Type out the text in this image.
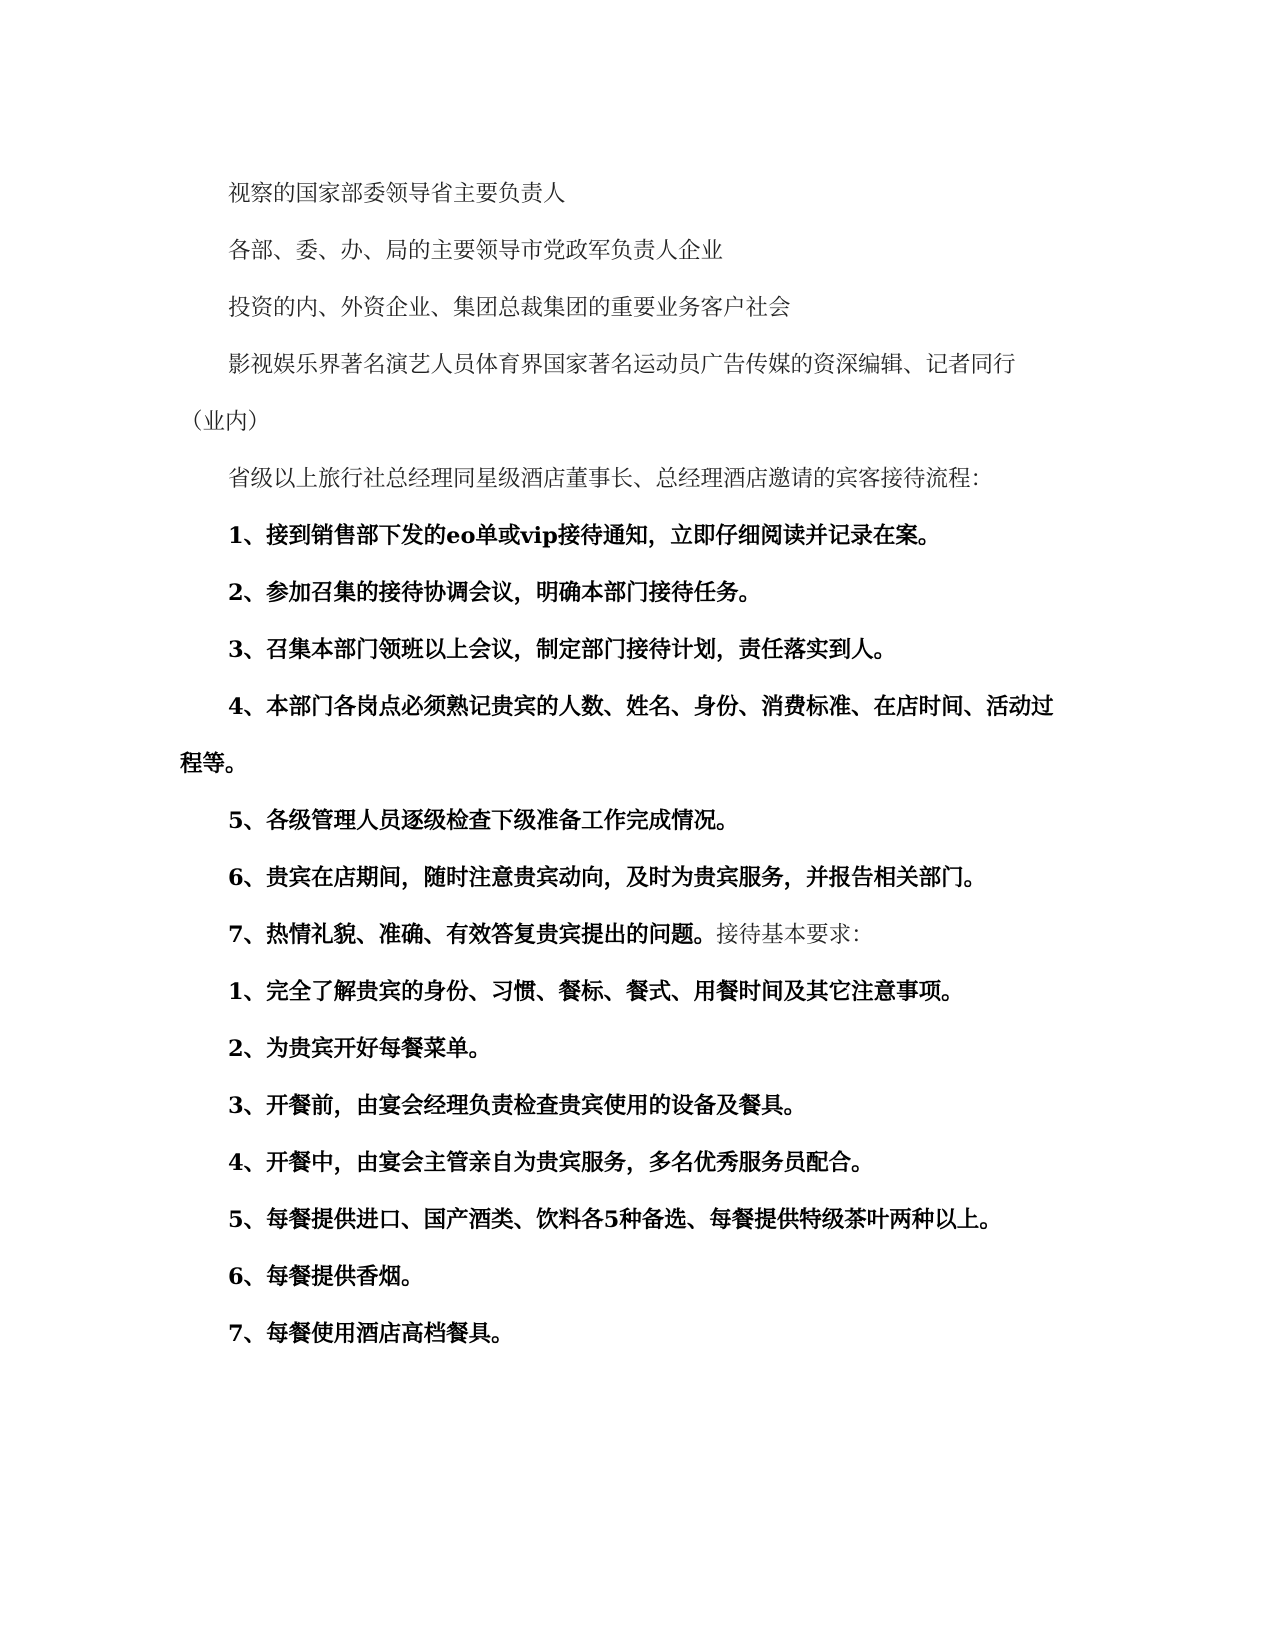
视察的国家部委领导省主要负责人

各部、委、办、局的主要领导市党政军负责人企业

投资的内、外资企业、集团总裁集团的重要业务客户社会

影视娱乐界著名演艺人员体育界国家著名运动员广告传媒的资深编辑、记者同行（业内）

省级以上旅行社总经理同星级酒店董事长、总经理酒店邀请的宾客接待流程：

1、接到销售部下发的eo单或vip接待通知，立即仔细阅读并记录在案。

2、参加召集的接待协调会议，明确本部门接待任务。

3、召集本部门领班以上会议，制定部门接待计划，责任落实到人。

4、本部门各岗点必须熟记贵宾的人数、姓名、身份、消费标准、在店时间、活动过程等。

5、各级管理人员逐级检查下级准备工作完成情况。

6、贵宾在店期间，随时注意贵宾动向，及时为贵宾服务，并报告相关部门。

7、热情礼貌、准确、有效答复贵宾提出的问题。接待基本要求：

1、完全了解贵宾的身份、习惯、餐标、餐式、用餐时间及其它注意事项。

2、为贵宾开好每餐菜单。

3、开餐前，由宴会经理负责检查贵宾使用的设备及餐具。

4、开餐中，由宴会主管亲自为贵宾服务，多名优秀服务员配合。

5、每餐提供进口、国产酒类、饮料各5种备选、每餐提供特级茶叶两种以上。

6、每餐提供香烟。

7、每餐使用酒店高档餐具。
